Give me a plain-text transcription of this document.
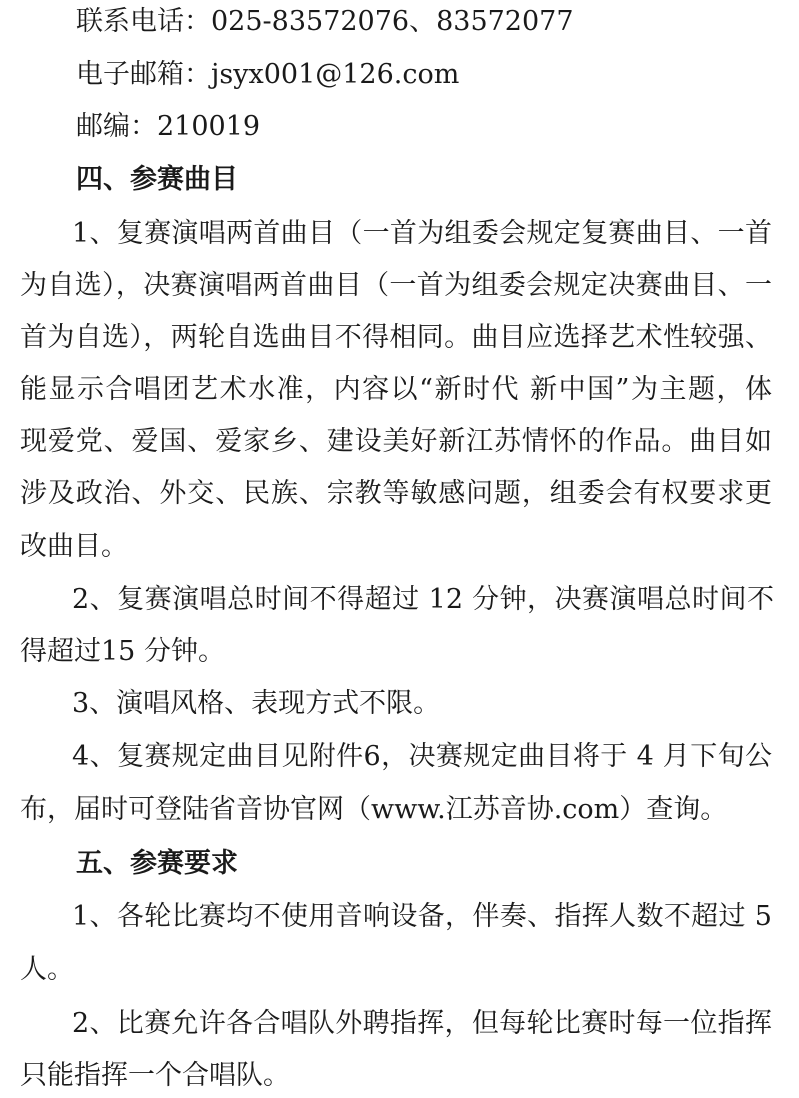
联系电话：025-83572076、83572077
电子邮箱：jsyx001@126.com
邮编：210019
四、参赛曲目
1、复赛演唱两首曲目（一首为组委会规定复赛曲目、一首
为自选），决赛演唱两首曲目（一首为组委会规定决赛曲目、一
首为自选），两轮自选曲目不得相同。曲目应选择艺术性较强、
能显示合唱团艺术水准，内容以“新时代 新中国”为主题，体
现爱党、爱国、爱家乡、建设美好新江苏情怀的作品。曲目如
涉及政治、外交、民族、宗教等敏感问题，组委会有权要求更
改曲目。
2、复赛演唱总时间不得超过 12 分钟，决赛演唱总时间不
得超过15 分钟。
3、演唱风格、表现方式不限。
4、复赛规定曲目见附件6，决赛规定曲目将于 4 月下旬公
布，届时可登陆省音协官网（www.江苏音协.com）查询。
五、参赛要求
1、各轮比赛均不使用音响设备，伴奏、指挥人数不超过 5
人。
2、比赛允许各合唱队外聘指挥，但每轮比赛时每一位指挥
只能指挥一个合唱队。
